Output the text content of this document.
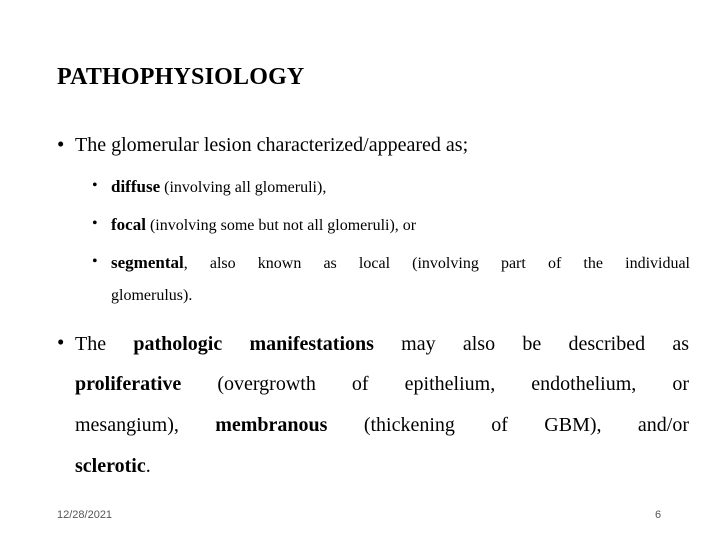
PATHOPHYSIOLOGY
• The glomerular lesion characterized/appeared as;
• diffuse (involving all glomeruli),
• focal (involving some but not all glomeruli), or
• segmental, also known as local (involving part of the individual
glomerulus).
• The pathologic manifestations may also be described as
proliferative (overgrowth of epithelium, endothelium, or
mesangium), membranous (thickening of GBM), and/or
sclerotic.
12/28/2021	6
